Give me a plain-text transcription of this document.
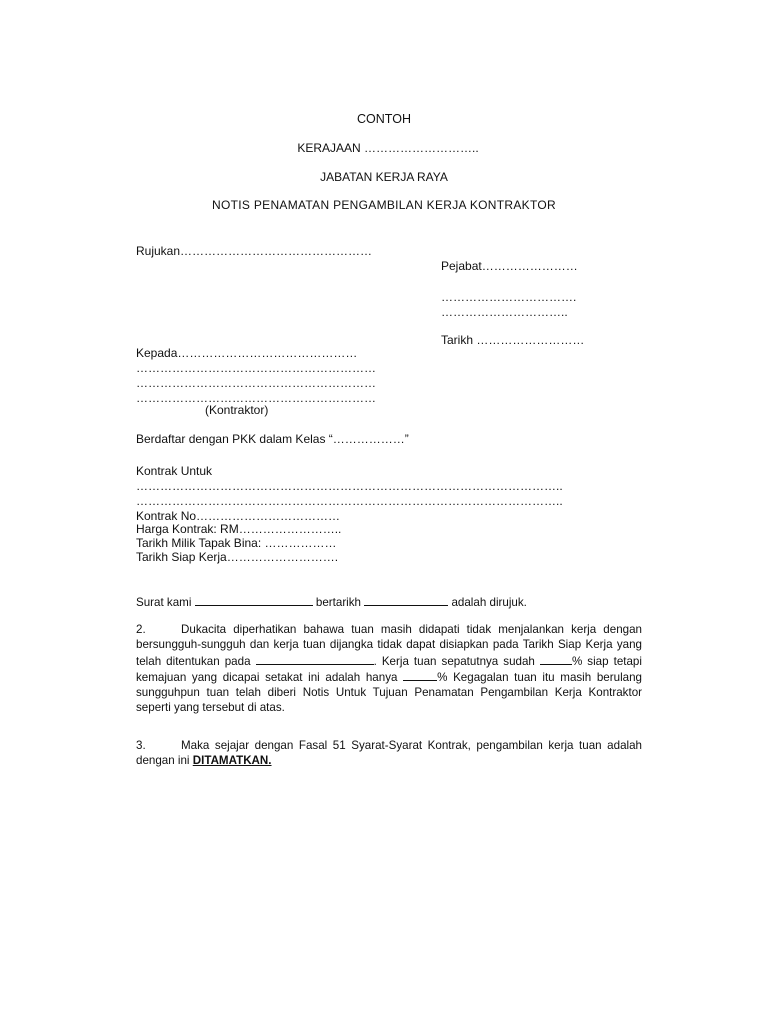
CONTOH
KERAJAAN ………………………..
JABATAN KERJA RAYA
NOTIS PENAMATAN PENGAMBILAN KERJA KONTRAKTOR
Rujukan…………………………………………
Pejabat……………………
…………………………….
…………………………..
Tarikh ………………………
Kepada………………………………………
……………………………………………………
……………………………………………………
……………………………………………………
(Kontraktor)
Berdaftar dengan PKK dalam Kelas “………………”
Kontrak Untuk
……………………………………………………………………………………………..
……………………………………………………………………………………………..
Kontrak No………………………………
Harga Kontrak: RM……………………..
Tarikh Milik Tapak Bina: ………………
Tarikh Siap Kerja……………………….
Surat kami	bertarikh	adalah dirujuk.
2.	Dukacita diperhatikan bahawa tuan masih didapati tidak menjalankan kerja dengan bersungguh-sungguh dan kerja tuan dijangka tidak dapat disiapkan pada Tarikh Siap Kerja yang telah ditentukan pada	. Kerja tuan sepatutnya sudah	% siap tetapi kemajuan yang dicapai setakat ini adalah hanya	% Kegagalan tuan itu masih berulang sungguhpun tuan telah diberi Notis Untuk Tujuan Penamatan Pengambilan Kerja Kontraktor seperti yang tersebut di atas.
3.	Maka sejajar dengan Fasal 51 Syarat-Syarat Kontrak, pengambilan kerja tuan adalah dengan ini DITAMATKAN.
